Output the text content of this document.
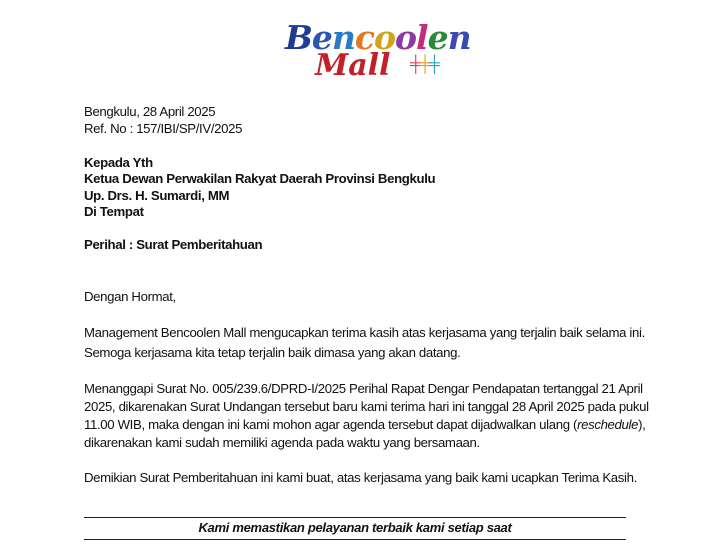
Bencoolen
Mall ╪╪╪
Bengkulu, 28 April 2025
Ref. No : 157/IBI/SP/IV/2025
Kepada Yth
Ketua Dewan Perwakilan Rakyat Daerah Provinsi Bengkulu
Up. Drs. H. Sumardi, MM
Di Tempat
Perihal : Surat Pemberitahuan
Dengan Hormat,
Management Bencoolen Mall mengucapkan terima kasih atas kerjasama yang terjalin baik selama ini.
Semoga kerjasama kita tetap terjalin baik dimasa yang akan datang.
Menanggapi Surat No. 005/239.6/DPRD-I/2025 Perihal Rapat Dengar Pendapatan tertanggal 21 April
2025, dikarenakan Surat Undangan tersebut baru kami terima hari ini tanggal 28 April 2025 pada pukul
11.00 WIB, maka dengan ini kami mohon agar agenda tersebut dapat dijadwalkan ulang (reschedule),
dikarenakan kami sudah memiliki agenda pada waktu yang bersamaan.
Demikian Surat Pemberitahuan ini kami buat, atas kerjasama yang baik kami ucapkan Terima Kasih.
Kami memastikan pelayanan terbaik kami setiap saat
